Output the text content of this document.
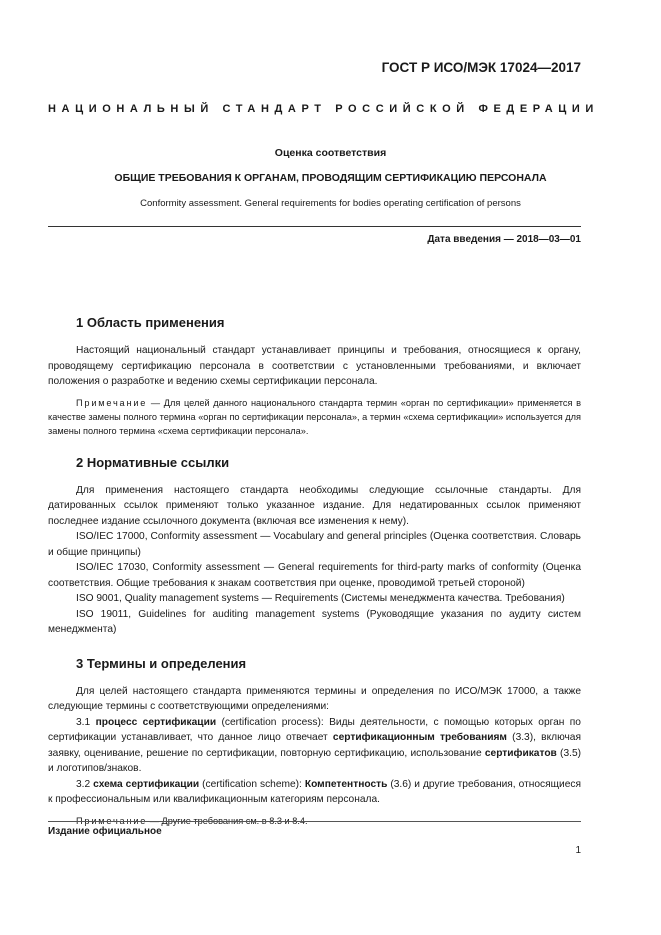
ГОСТ Р ИСО/МЭК 17024—2017
НАЦИОНАЛЬНЫЙ СТАНДАРТ РОССИЙСКОЙ ФЕДЕРАЦИИ
Оценка соответствия
ОБЩИЕ ТРЕБОВАНИЯ К ОРГАНАМ, ПРОВОДЯЩИМ СЕРТИФИКАЦИЮ ПЕРСОНАЛА
Conformity assessment. General requirements for bodies operating certification of persons
Дата введения — 2018—03—01
1 Область применения

Настоящий национальный стандарт устанавливает принципы и требования, относящиеся к органу, проводящему сертификацию персонала в соответствии с установленными требованиями, и включает положения о разработке и ведению схемы сертификации персонала.

Примечание — Для целей данного национального стандарта термин «орган по сертификации» применяется в качестве замены полного термина «орган по сертификации персонала», а термин «схема сертификации» используется для замены полного термина «схема сертификации персонала».

2 Нормативные ссылки

Для применения настоящего стандарта необходимы следующие ссылочные стандарты. Для датированных ссылок применяют только указанное издание. Для недатированных ссылок применяют последнее издание ссылочного документа (включая все изменения к нему).

ISO/IEC 17000, Conformity assessment — Vocabulary and general principles (Оценка соответствия. Словарь и общие принципы)

ISO/IEC 17030, Conformity assessment — General requirements for third-party marks of conformity (Оценка соответствия. Общие требования к знакам соответствия при оценке, проводимой третьей стороной)

ISO 9001, Quality management systems — Requirements (Системы менеджмента качества. Требования)

ISO 19011, Guidelines for auditing management systems (Руководящие указания по аудиту систем менеджмента)

3 Термины и определения

Для целей настоящего стандарта применяются термины и определения по ИСО/МЭК 17000, а также следующие термины с соответствующими определениями:

3.1 процесс сертификации (certification process): Виды деятельности, с помощью которых орган по сертификации устанавливает, что данное лицо отвечает сертификационным требованиям (3.3), включая заявку, оценивание, решение по сертификации, повторную сертификацию, использование сертификатов (3.5) и логотипов/знаков.

3.2 схема сертификации (certification scheme): Компетентность (3.6) и другие требования, относящиеся к профессиональным или квалификационным категориям персонала.

Примечание — Другие требования см. в 8.3 и 8.4.

Издание официальное
1
